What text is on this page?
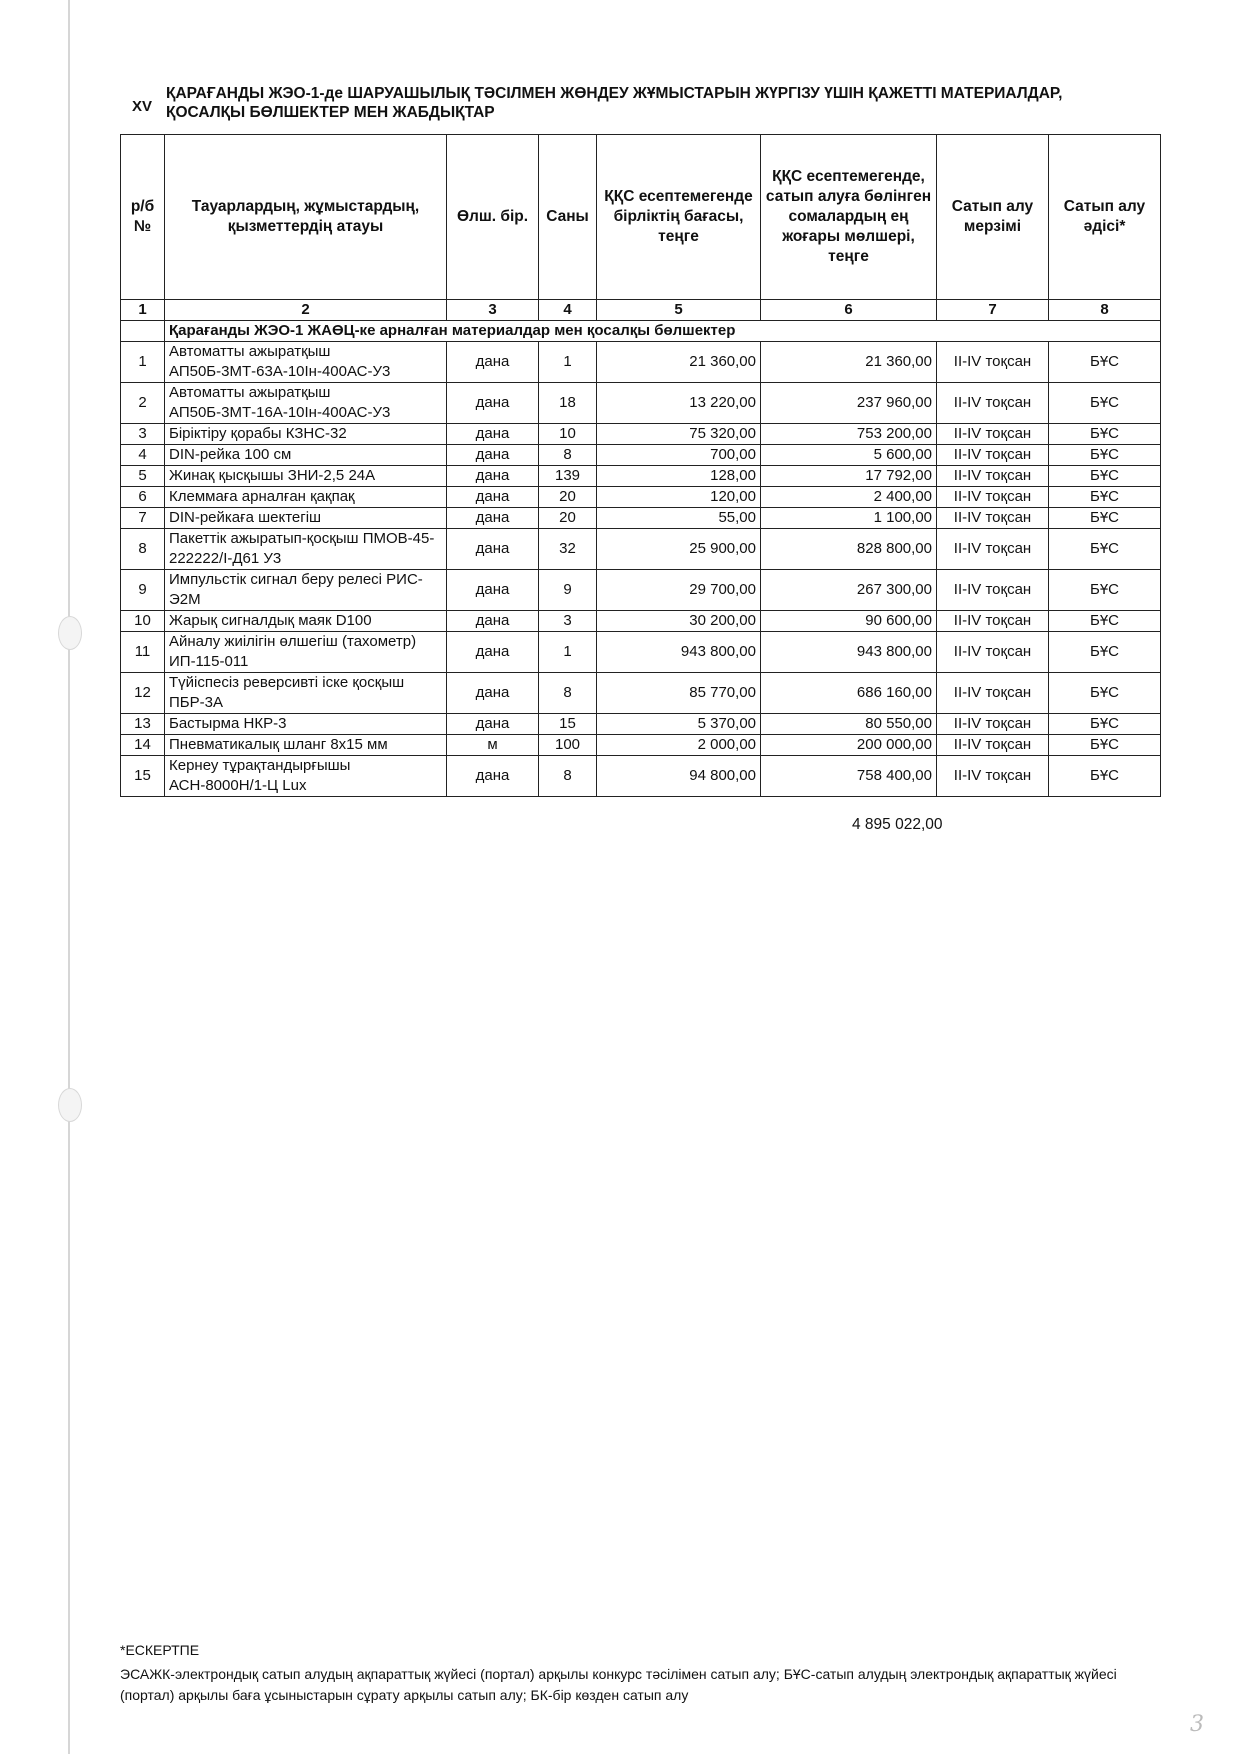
XV
ҚАРАҒАНДЫ ЖЭО-1-де ШАРУАШЫЛЫҚ ТӘСІЛМЕН ЖӨНДЕУ ЖҰМЫСТАРЫН ЖҮРГІЗУ ҮШІН ҚАЖЕТТІ МАТЕРИАЛДАР,
ҚОСАЛҚЫ БӨЛШЕКТЕР МЕН ЖАБДЫҚТАР
р/б №	Тауарлардың, жұмыстардың, қызметтердің атауы	Өлш. бір.	Саны	ҚҚС есептемегенде бірліктің бағасы, теңге	ҚҚС есептемегенде, сатып алуға бөлінген сомалардың ең жоғары мөлшері, теңге	Сатып алу мерзімі	Сатып алу әдісі*
1	2	3	4	5	6	7	8
	Қарағанды ЖЭО-1 ЖАӨЦ-ке арналған материалдар мен қосалқы бөлшектер						
1	Автоматты ажыратқыш АП50Б-3МТ-63А-10Iн-400АС-У3	дана	1	21 360,00	21 360,00	II-IV тоқсан	БҰС
2	Автоматты ажыратқыш АП50Б-3МТ-16А-10Iн-400АС-У3	дана	18	13 220,00	237 960,00	II-IV тоқсан	БҰС
3	Біріктіру қорабы КЗНС-32	дана	10	75 320,00	753 200,00	II-IV тоқсан	БҰС
4	DIN-рейка 100 см	дана	8	700,00	5 600,00	II-IV тоқсан	БҰС
5	Жинақ қысқышы ЗНИ-2,5 24А	дана	139	128,00	17 792,00	II-IV тоқсан	БҰС
6	Клеммаға арналған қақпақ	дана	20	120,00	2 400,00	II-IV тоқсан	БҰС
7	DIN-рейкаға шектегіш	дана	20	55,00	1 100,00	II-IV тоқсан	БҰС
8	Пакеттік ажыратып-қосқыш ПМОВ-45-222222/I-Д61 У3	дана	32	25 900,00	828 800,00	II-IV тоқсан	БҰС
9	Импульстік сигнал беру релесі РИС-Э2М	дана	9	29 700,00	267 300,00	II-IV тоқсан	БҰС
10	Жарық сигналдық маяк D100	дана	3	30 200,00	90 600,00	II-IV тоқсан	БҰС
11	Айналу жиілігін өлшегіш (тахометр) ИП-115-011	дана	1	943 800,00	943 800,00	II-IV тоқсан	БҰС
12	Түйіспесіз реверсивті іске қосқыш ПБР-3А	дана	8	85 770,00	686 160,00	II-IV тоқсан	БҰС
13	Бастырма НКР-3	дана	15	5 370,00	80 550,00	II-IV тоқсан	БҰС
14	Пневматикалық шланг 8х15 мм	м	100	2 000,00	200 000,00	II-IV тоқсан	БҰС
15	Кернеу тұрақтандырғышы АСН-8000Н/1-Ц Lux	дана	8	94 800,00	758 400,00	II-IV тоқсан	БҰС
4 895 022,00
*ЕСКЕРТПЕ
ЭСАЖК-электрондық сатып алудың ақпараттық жүйесі (портал) арқылы конкурс тәсілімен сатып алу; БҰС-сатып алудың электрондық ақпараттық жүйесі (портал) арқылы баға ұсыныстарын сұрату арқылы сатып алу; БК-бір көзден сатып алу
3
